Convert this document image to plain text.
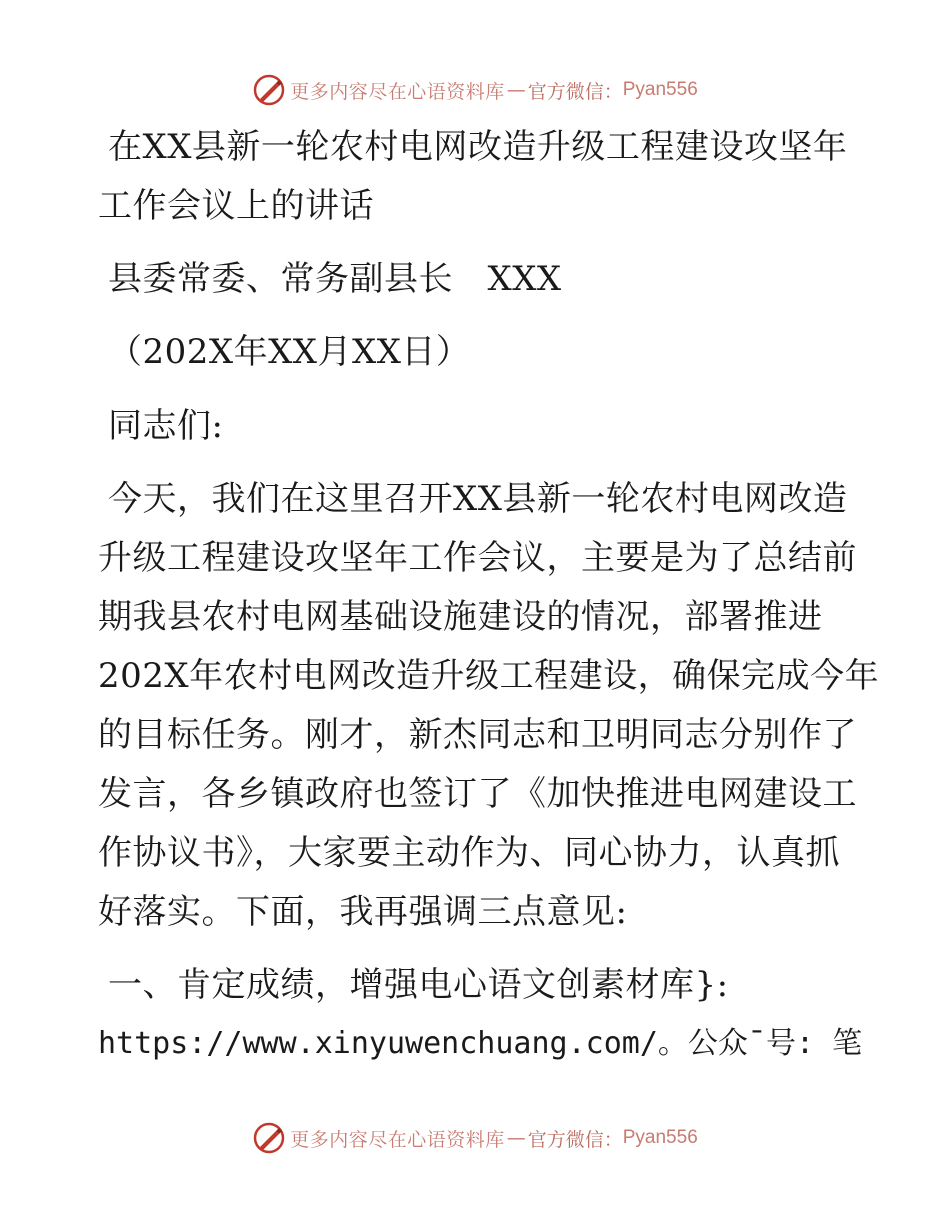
更多内容尽在心语资料库 — 官方微信： Pyan556
在XX县新一轮农村电网改造升级工程建设攻坚年
工作会议上的讲话
县委常委、常务副县长　XXX
（202X年XX月XX日）
同志们:
今天，我们在这里召开XX县新一轮农村电网改造
升级工程建设攻坚年工作会议，主要是为了总结前
期我县农村电网基础设施建设的情况，部署推进
202X年农村电网改造升级工程建设，确保完成今年
的目标任务。刚才，新杰同志和卫明同志分别作了
发言，各乡镇政府也签订了《加快推进电网建设工
作协议书》，大家要主动作为、同心协力，认真抓
好落实。下面，我再强调三点意见:
一、肯定成绩，增强电心语文创素材库}:
https://www.xinyuwenchuang.com/。公众¯号: 笔
更多内容尽在心语资料库 — 官方微信： Pyan556
